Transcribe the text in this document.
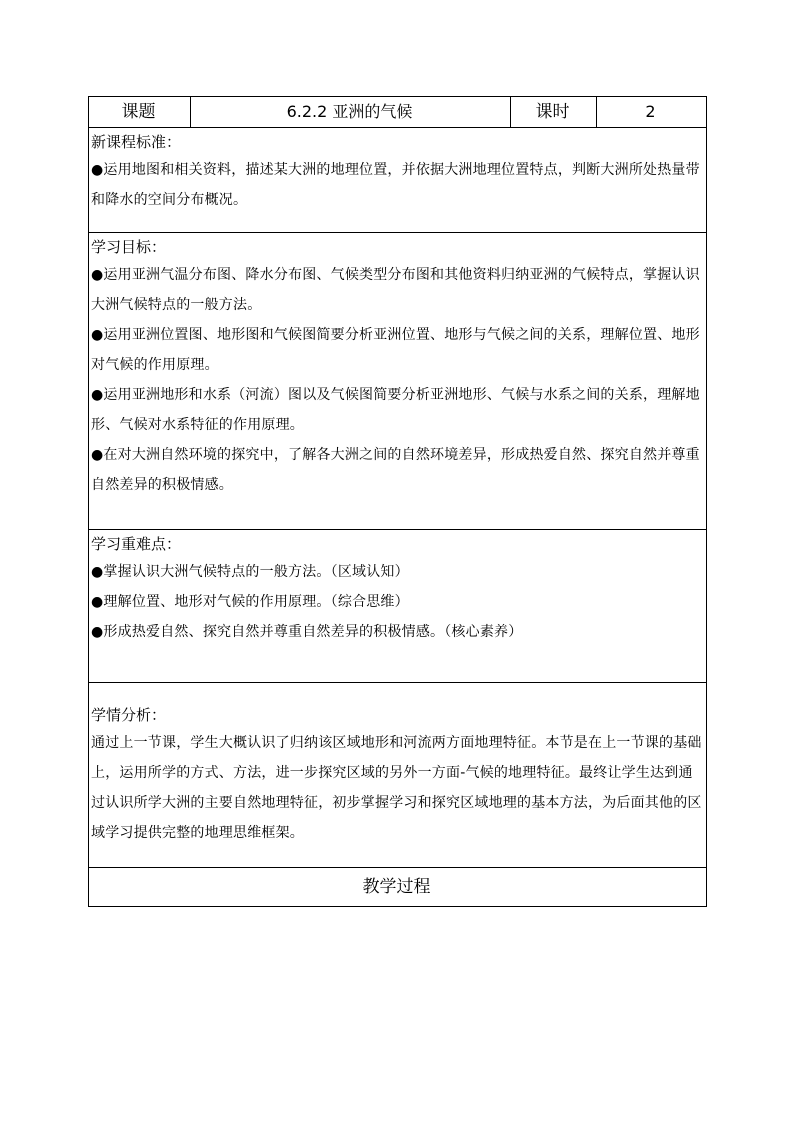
课题	6.2.2 亚洲的气候	课时	2

新课程标准：

●运用地图和相关资料，描述某大洲的地理位置，并依据大洲地理位置特点，判断大洲所处热量带和降水的空间分布概况。

学习目标：

●运用亚洲气温分布图、降水分布图、气候类型分布图和其他资料归纳亚洲的气候特点，掌握认识大洲气候特点的一般方法。

●运用亚洲位置图、地形图和气候图简要分析亚洲位置、地形与气候之间的关系，理解位置、地形对气候的作用原理。

●运用亚洲地形和水系（河流）图以及气候图简要分析亚洲地形、气候与水系之间的关系，理解地形、气候对水系特征的作用原理。

●在对大洲自然环境的探究中，了解各大洲之间的自然环境差异，形成热爱自然、探究自然并尊重自然差异的积极情感。

学习重难点：

●掌握认识大洲气候特点的一般方法。（区域认知）

●理解位置、地形对气候的作用原理。（综合思维）

●形成热爱自然、探究自然并尊重自然差异的积极情感。（核心素养）

学情分析：

通过上一节课，学生大概认识了归纳该区域地形和河流两方面地理特征。本节是在上一节课的基础上，运用所学的方式、方法，进一步探究区域的另外一方面-气候的地理特征。最终让学生达到通过认识所学大洲的主要自然地理特征，初步掌握学习和探究区域地理的基本方法，为后面其他的区域学习提供完整的地理思维框架。

教学过程
